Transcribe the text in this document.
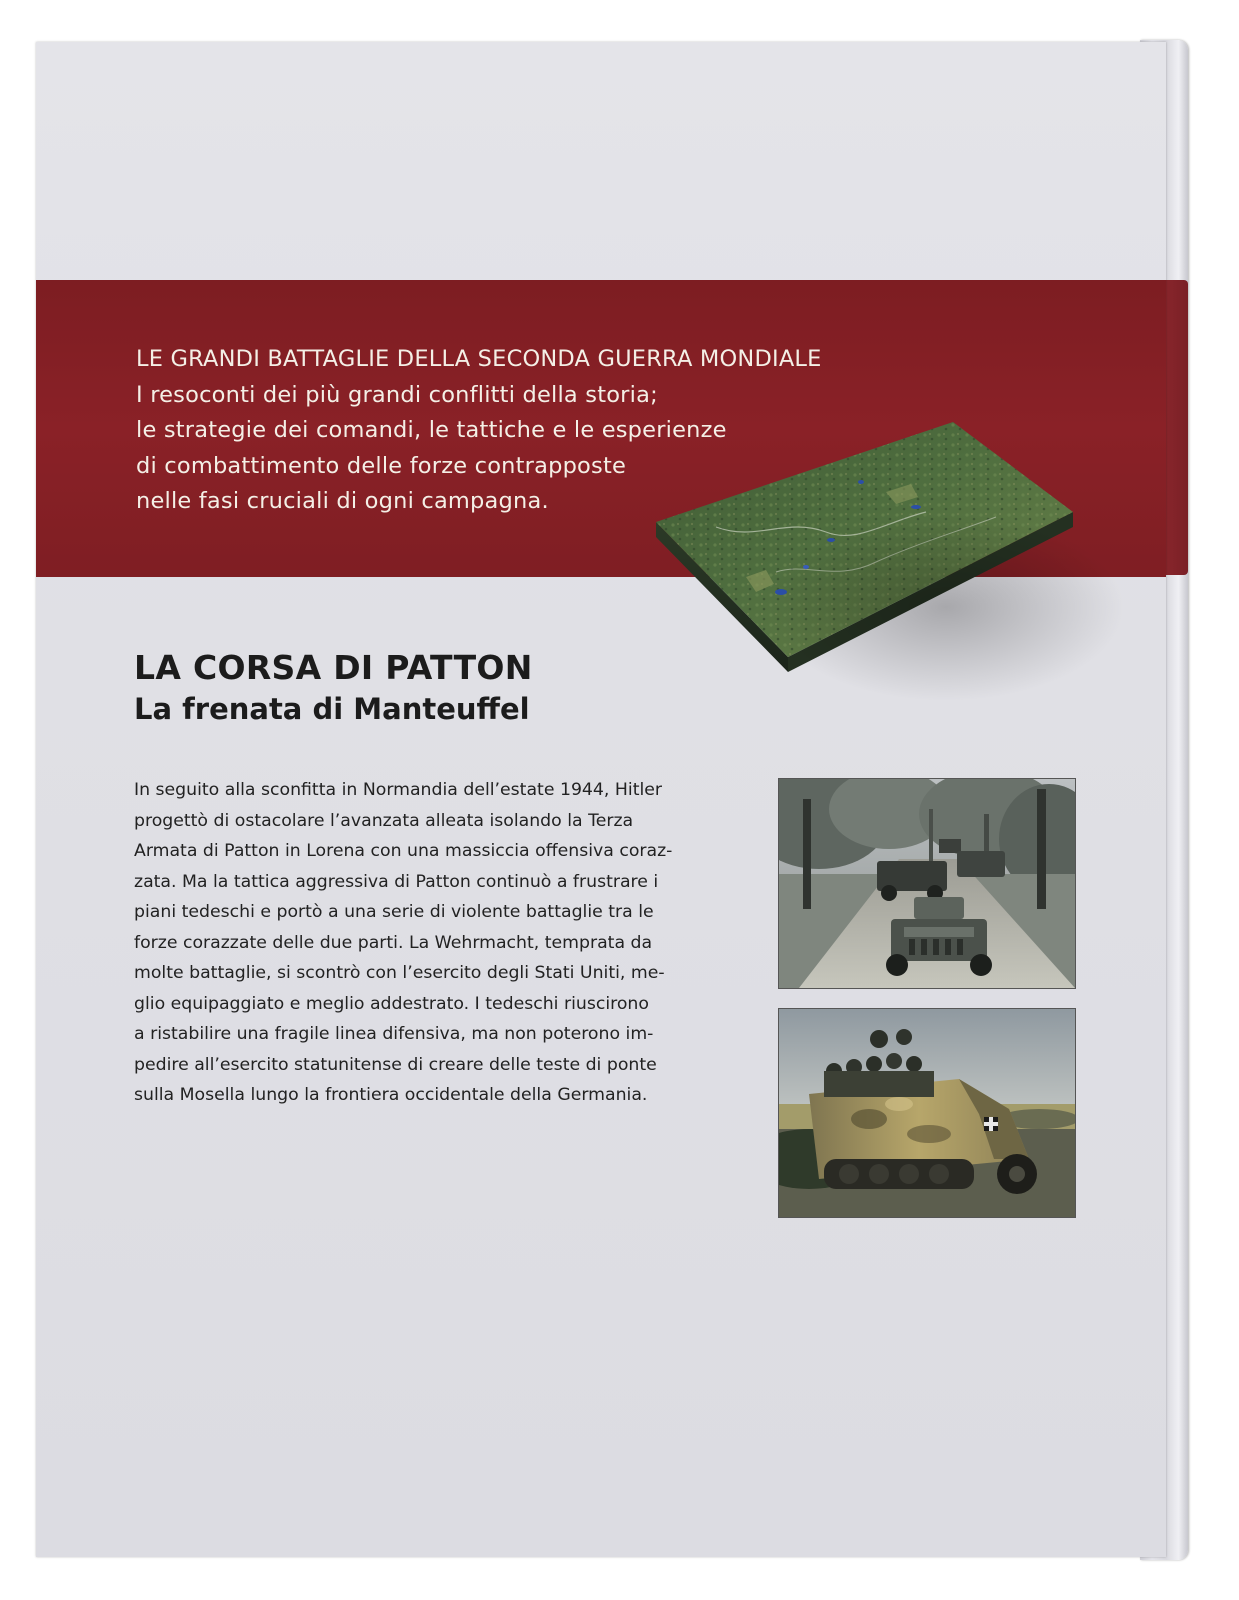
LE GRANDI BATTAGLIE DELLA SECONDA GUERRA MONDIALE
I resoconti dei più grandi conflitti della storia;
le strategie dei comandi, le tattiche e le esperienze
di combattimento delle forze contrapposte
nelle fasi cruciali di ogni campagna.
LA CORSA DI PATTON
La frenata di Manteuffel
In seguito alla sconfitta in Normandia dell’estate 1944, Hitler
progettò di ostacolare l’avanzata alleata isolando la Terza
Armata di Patton in Lorena con una massiccia offensiva coraz-
zata. Ma la tattica aggressiva di Patton continuò a frustrare i
piani tedeschi e portò a una serie di violente battaglie tra le
forze corazzate delle due parti. La Wehrmacht, temprata da
molte battaglie, si scontrò con l’esercito degli Stati Uniti, me-
glio equipaggiato e meglio addestrato. I tedeschi riuscirono
a ristabilire una fragile linea difensiva, ma non poterono im-
pedire all’esercito statunitense di creare delle teste di ponte
sulla Mosella lungo la frontiera occidentale della Germania.
